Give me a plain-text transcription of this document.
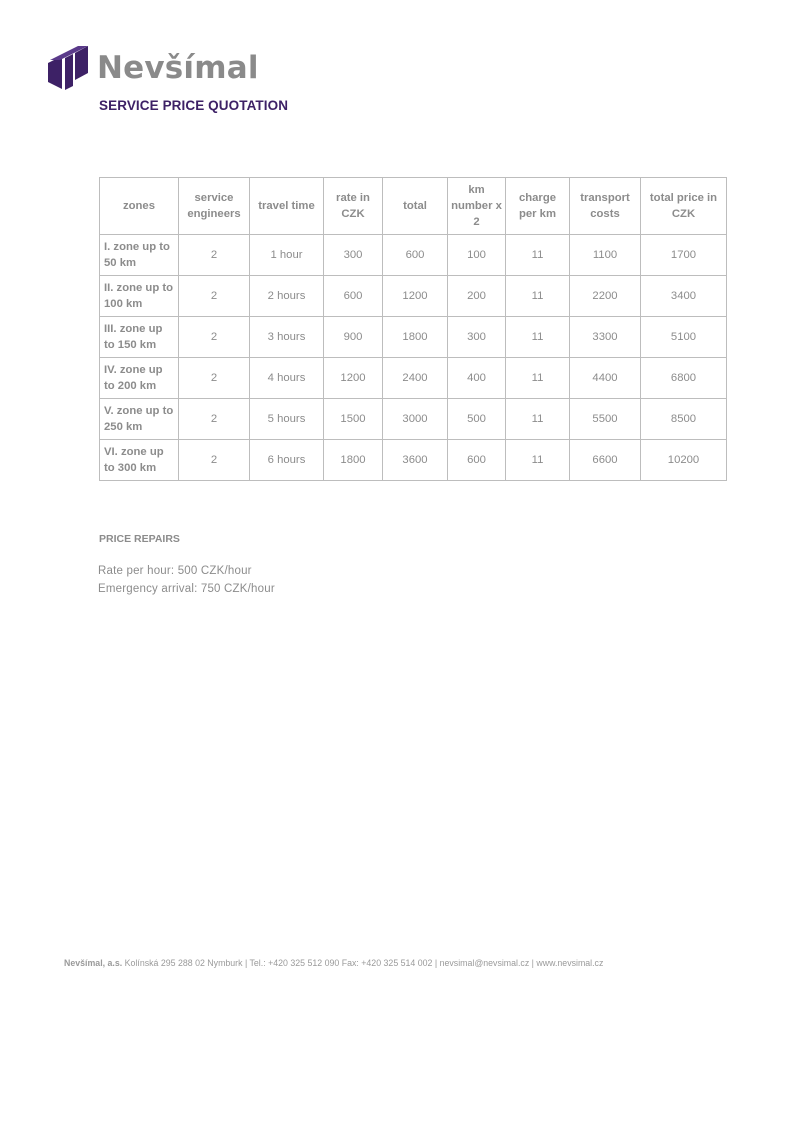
Nevšímal
SERVICE PRICE QUOTATION
zones	service engineers	travel time	rate in CZK	total	km number x 2	charge per km	transport costs	total price in CZK
I. zone up to 50 km	2	1 hour	300	600	100	11	1100	1700
II. zone up to 100 km	2	2 hours	600	1200	200	11	2200	3400
III. zone up to 150 km	2	3 hours	900	1800	300	11	3300	5100
IV. zone up to 200 km	2	4 hours	1200	2400	400	11	4400	6800
V. zone up to 250 km	2	5 hours	1500	3000	500	11	5500	8500
VI. zone up to 300 km	2	6 hours	1800	3600	600	11	6600	10200
PRICE REPAIRS
Rate per hour: 500 CZK/hour
Emergency arrival: 750 CZK/hour
Nevšímal, a.s. Kolínská 295 288 02 Nymburk | Tel.: +420 325 512 090 Fax: +420 325 514 002 | nevsimal@nevsimal.cz | www.nevsimal.cz
